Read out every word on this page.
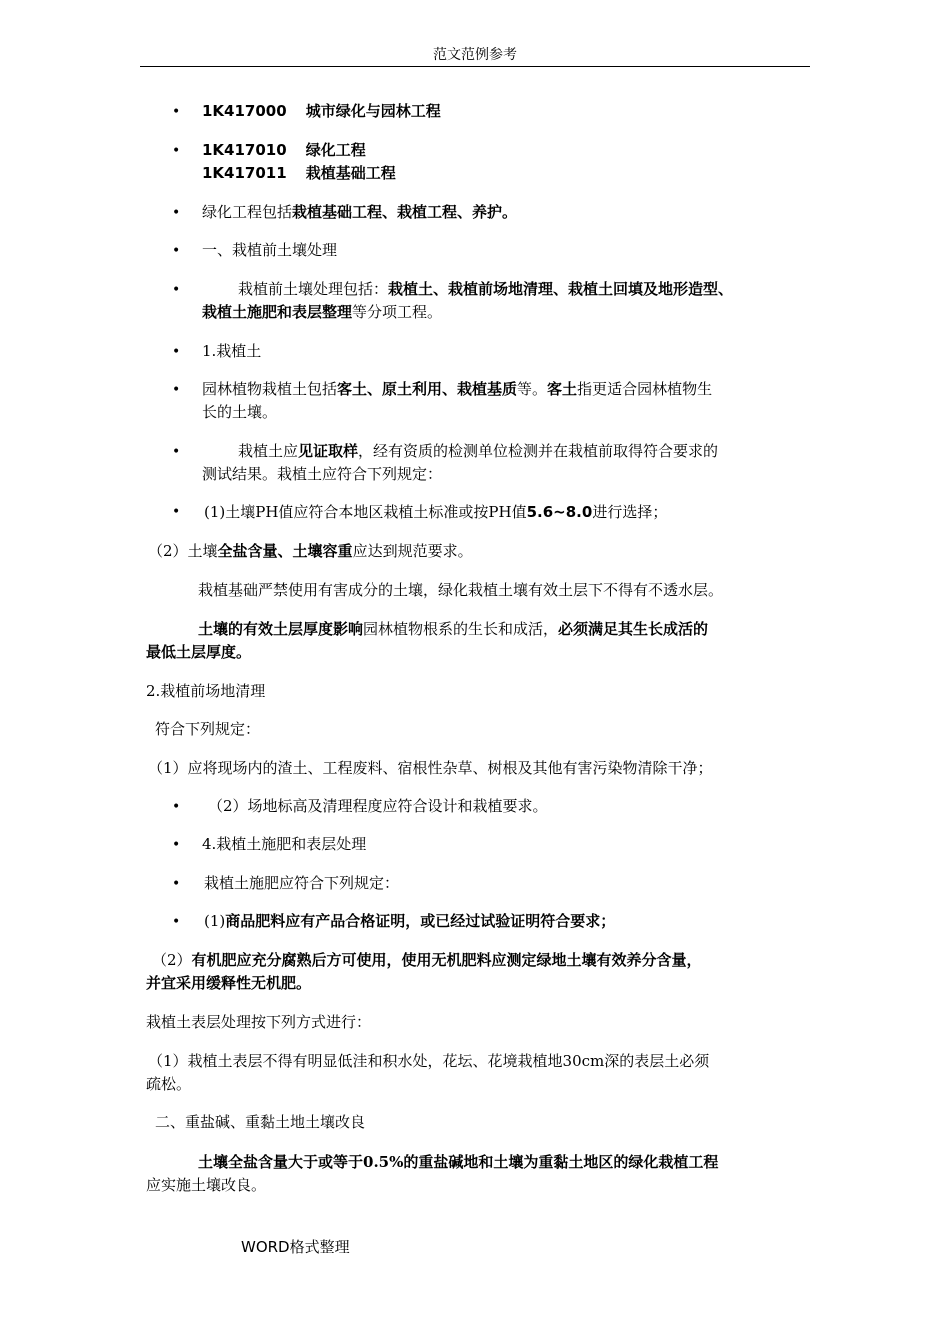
范文范例参考
•
•
•
•
•
•
•
•
•
•
•
•
•
1K417000 城市绿化与园林工程
1K417010 绿化工程
1K417011 栽植基础工程
绿化工程包括栽植基础工程、栽植工程、养护。
一、栽植前土壤处理
栽植前土壤处理包括：栽植土、栽植前场地清理、栽植土回填及地形造型、
栽植土施肥和表层整理等分项工程。
1.栽植土
园林植物栽植土包括客土、原土利用、栽植基质等。客土指更适合园林植物生
长的土壤。
栽植土应见证取样，经有资质的检测单位检测并在栽植前取得符合要求的
测试结果。栽植土应符合下列规定：
(1)土壤PH值应符合本地区栽植土标准或按PH值5.6~8.0进行选择；
（2）土壤全盐含量、土壤容重应达到规范要求。
栽植基础严禁使用有害成分的土壤，绿化栽植土壤有效土层下不得有不透水层。
土壤的有效土层厚度影响园林植物根系的生长和成活，必须满足其生长成活的
最低土层厚度。
2.栽植前场地清理
符合下列规定：
（1）应将现场内的渣土、工程废料、宿根性杂草、树根及其他有害污染物清除干净；
（2）场地标高及清理程度应符合设计和栽植要求。
4.栽植土施肥和表层处理
栽植土施肥应符合下列规定：
(1)商品肥料应有产品合格证明，或已经过试验证明符合要求；
（2）有机肥应充分腐熟后方可使用，使用无机肥料应测定绿地土壤有效养分含量，
并宜采用缓释性无机肥。
栽植土表层处理按下列方式进行：
（1）栽植土表层不得有明显低洼和积水处，花坛、花境栽植地30cm深的表层土必须
疏松。
二、重盐碱、重黏土地土壤改良
土壤全盐含量大于或等于0.5%的重盐碱地和土壤为重黏土地区的绿化栽植工程
应实施土壤改良。
WORD格式整理
